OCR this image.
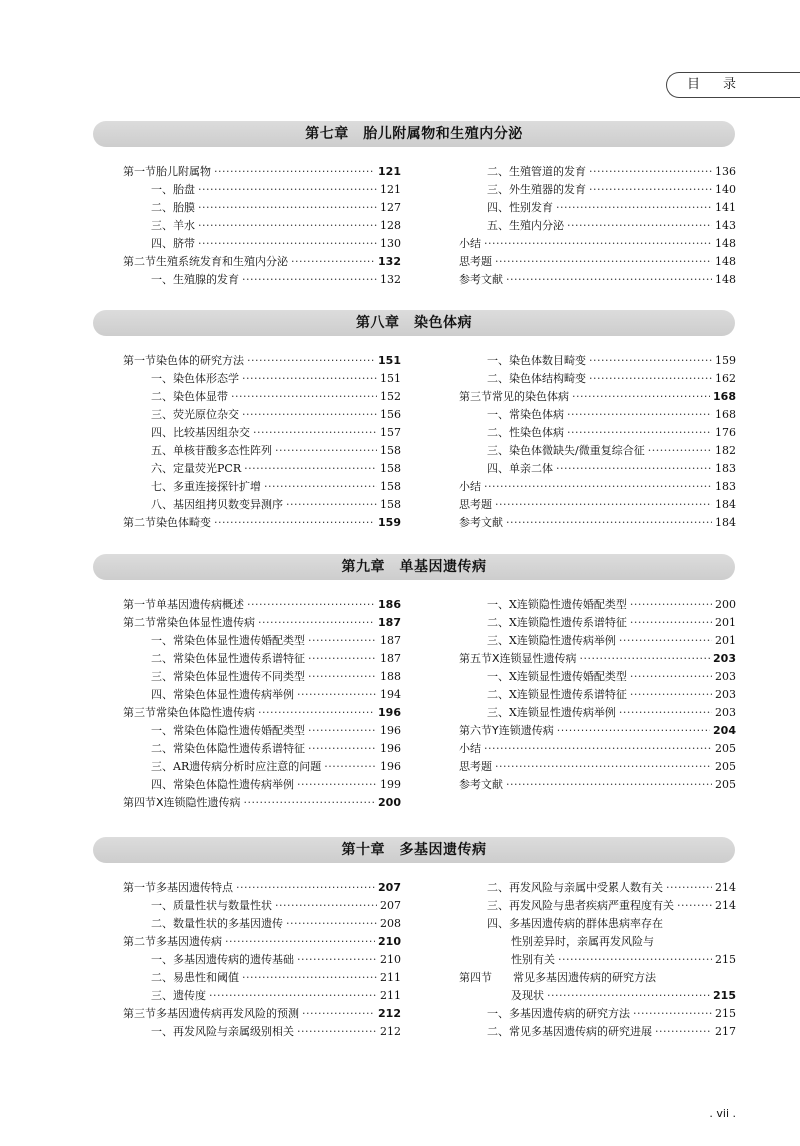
目 录
第七章　胎儿附属物和生殖内分泌
第一节 胎儿附属物 ·····	121
一、胎盘 ·····	121
二、胎膜 ·····	127
三、羊水 ·····	128
四、脐带 ·····	130
第二节 生殖系统发育和生殖内分泌 ·····	132
一、生殖腺的发育 ·····	132
二、生殖管道的发育 ·····	136
三、外生殖器的发育 ·····	140
四、性别发育 ·····	141
五、生殖内分泌 ·····	143
小结 ·····	148
思考题 ·····	148
参考文献 ·····	148
第八章　染色体病
第一节 染色体的研究方法 ·····	151
一、染色体形态学 ·····	151
二、染色体显带 ·····	152
三、荧光原位杂交 ·····	156
四、比较基因组杂交 ·····	157
五、单核苷酸多态性阵列 ·····	158
六、定量荧光PCR ·····	158
七、多重连接探针扩增 ·····	158
八、基因组拷贝数变异测序 ·····	158
第二节 染色体畸变 ·····	159
一、染色体数目畸变 ·····	159
二、染色体结构畸变 ·····	162
第三节 常见的染色体病 ·····	168
一、常染色体病 ·····	168
二、性染色体病 ·····	176
三、染色体微缺失/微重复综合征 ·····	182
四、单亲二体 ·····	183
小结 ·····	183
思考题 ·····	184
参考文献 ·····	184
第九章　单基因遗传病
第一节 单基因遗传病概述 ·····	186
第二节 常染色体显性遗传病 ·····	187
一、常染色体显性遗传婚配类型 ·····	187
二、常染色体显性遗传系谱特征 ·····	187
三、常染色体显性遗传不同类型 ·····	188
四、常染色体显性遗传病举例 ·····	194
第三节 常染色体隐性遗传病 ·····	196
一、常染色体隐性遗传婚配类型 ·····	196
二、常染色体隐性遗传系谱特征 ·····	196
三、AR遗传病分析时应注意的问题 ·····	196
四、常染色体隐性遗传病举例 ·····	199
第四节 X连锁隐性遗传病 ·····	200
一、X连锁隐性遗传婚配类型 ·····	200
二、X连锁隐性遗传系谱特征 ·····	201
三、X连锁隐性遗传病举例 ·····	201
第五节 X连锁显性遗传病 ·····	203
一、X连锁显性遗传婚配类型 ·····	203
二、X连锁显性遗传系谱特征 ·····	203
三、X连锁显性遗传病举例 ·····	203
第六节 Y连锁遗传病 ·····	204
小结 ·····	205
思考题 ·····	205
参考文献 ·····	205
第十章　多基因遗传病
第一节 多基因遗传特点 ·····	207
一、质量性状与数量性状 ·····	207
二、数量性状的多基因遗传 ·····	208
第二节 多基因遗传病 ·····	210
一、多基因遗传病的遗传基础 ·····	210
二、易患性和阈值 ·····	211
三、遗传度 ·····	211
第三节 多基因遗传病再发风险的预测 ·····	212
一、再发风险与亲属级别相关 ·····	212
二、再发风险与亲属中受累人数有关 ·····	214
三、再发风险与患者疾病严重程度有关 ·····	214
四、多基因遗传病的群体患病率存在
性别差异时，亲属再发风险与
性别有关 ·····	215
第四节	常见多基因遗传病的研究方法
及现状 ·····	215
一、多基因遗传病的研究方法 ·····	215
二、常见多基因遗传病的研究进展 ·····	217
. vii .
